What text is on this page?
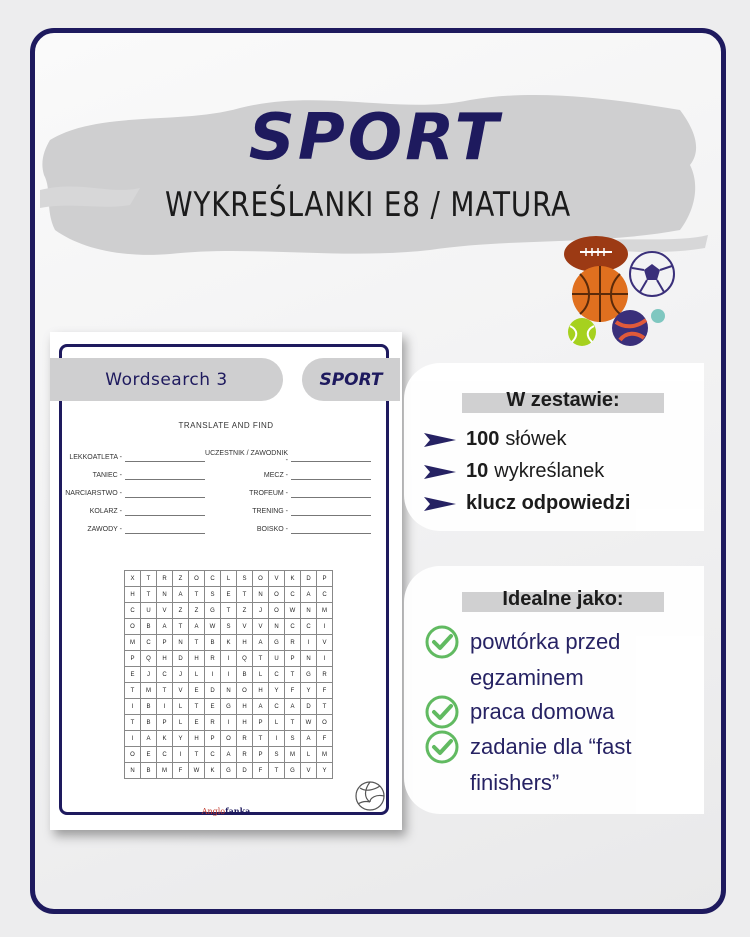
SPORT
WYKREŚLANKI E8 / MATURA
Wordsearch 3	SPORT
TRANSLATE AND FIND
LEKKOATLETA -
TANIEC -
NARCIARSTWO -
KOLARZ -
ZAWODY -
UCZESTNIK / ZAWODNIK -
MECZ -
TROFEUM -
TRENING -
BOISKO -
X	T	R	Z	O	C	L	S	O	V	K	D	P
H	T	N	A	T	S	E	T	N	O	C	A	C
C	U	V	Z	Z	G	T	Z	J	O	W	N	M
O	B	A	T	A	W	S	V	V	N	C	C	I
M	C	P	N	T	B	K	H	A	G	R	I	V
P	Q	H	D	H	R	I	Q	T	U	P	N	I
E	J	C	J	L	I	I	B	L	C	T	G	R
T	M	T	V	E	D	N	O	H	Y	F	Y	F
I	B	I	L	T	E	G	H	A	C	A	D	T
T	B	P	L	E	R	I	H	P	L	T	W	O
I	A	K	Y	H	P	O	R	T	I	S	A	F
O	E	C	I	T	C	A	R	P	S	M	L	M
N	B	M	F	W	K	G	D	F	T	G	V	Y
Anglofanka
W zestawie:
100 słówek
10 wykreślanek
klucz odpowiedzi
Idealne jako:
powtórka przed
egzaminem
praca domowa
zadanie dla “fast
finishers”
